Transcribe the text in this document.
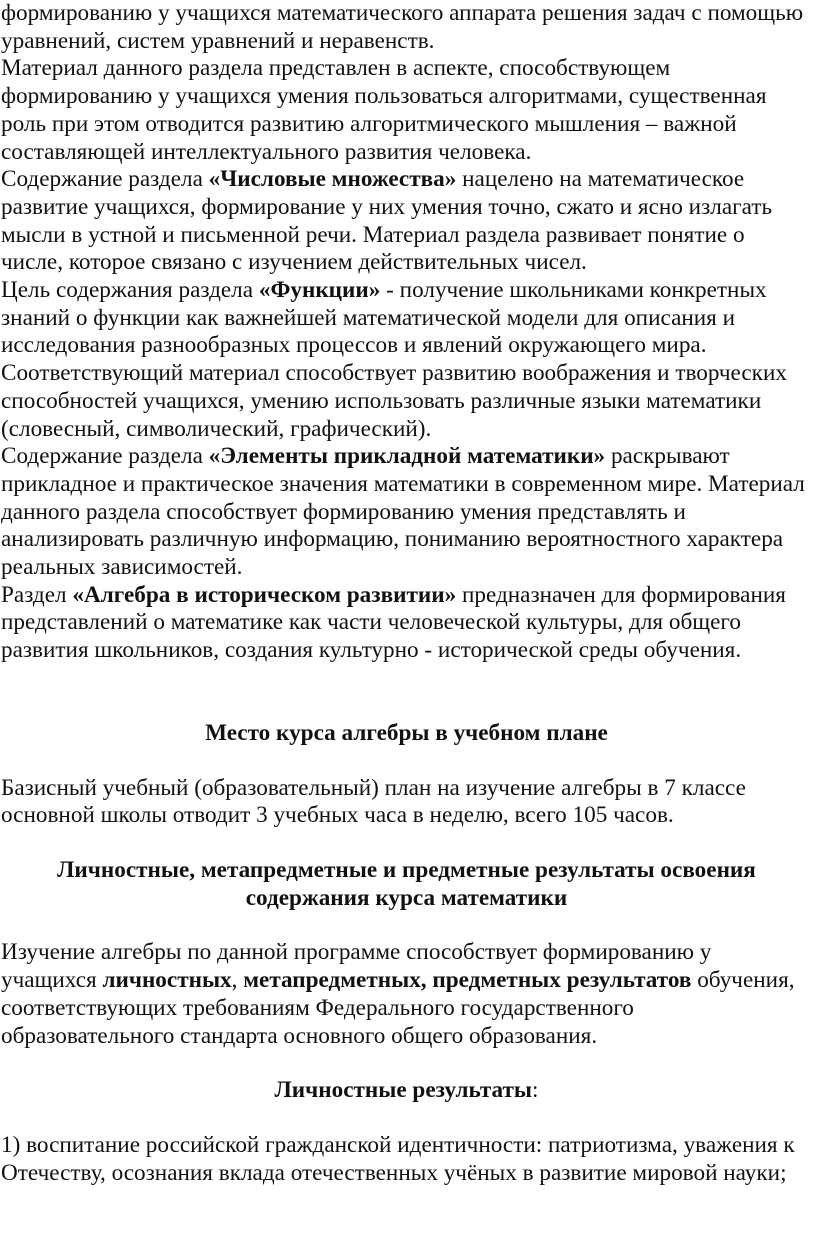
формированию у учащихся математического аппарата решения задач с помощью уравнений, систем уравнений и неравенств.

Материал данного раздела представлен в аспекте, способствующем формированию у учащихся умения пользоваться алгоритмами, существенная роль при этом отводится развитию алгоритмического мышления – важной составляющей интеллектуального развития человека.

Содержание раздела «Числовые множества» нацелено на математическое развитие учащихся, формирование у них умения точно, сжато и ясно излагать мысли в устной и письменной речи. Материал раздела развивает понятие о числе, которое связано с изучением действительных чисел.

Цель содержания раздела «Функции» - получение школьниками конкретных знаний о функции как важнейшей математической модели для описания и исследования разнообразных процессов и явлений окружающего мира. Соответствующий материал способствует развитию воображения и творческих способностей учащихся, умению использовать различные языки математики (словесный, символический, графический).

Содержание раздела «Элементы прикладной математики» раскрывают прикладное и практическое значения математики в современном мире. Материал данного раздела способствует формированию умения представлять и анализировать различную информацию, пониманию вероятностного характера реальных зависимостей.

Раздел «Алгебра в историческом развитии» предназначен для формирования представлений о математике как части человеческой культуры, для общего развития школьников, создания культурно - исторической среды обучения.

Место курса алгебры в учебном плане

Базисный учебный (образовательный) план на изучение алгебры в 7 классе основной школы отводит 3 учебных часа в неделю, всего 105 часов.

Личностные, метапредметные и предметные результаты освоения содержания курса математики

Изучение алгебры по данной программе способствует формированию у учащихся личностных, метапредметных, предметных результатов обучения, соответствующих требованиям Федерального государственного образовательного стандарта основного общего образования.

Личностные результаты:

1) воспитание российской гражданской идентичности: патриотизма, уважения к Отечеству, осознания вклада отечественных учёных в развитие мировой науки;
